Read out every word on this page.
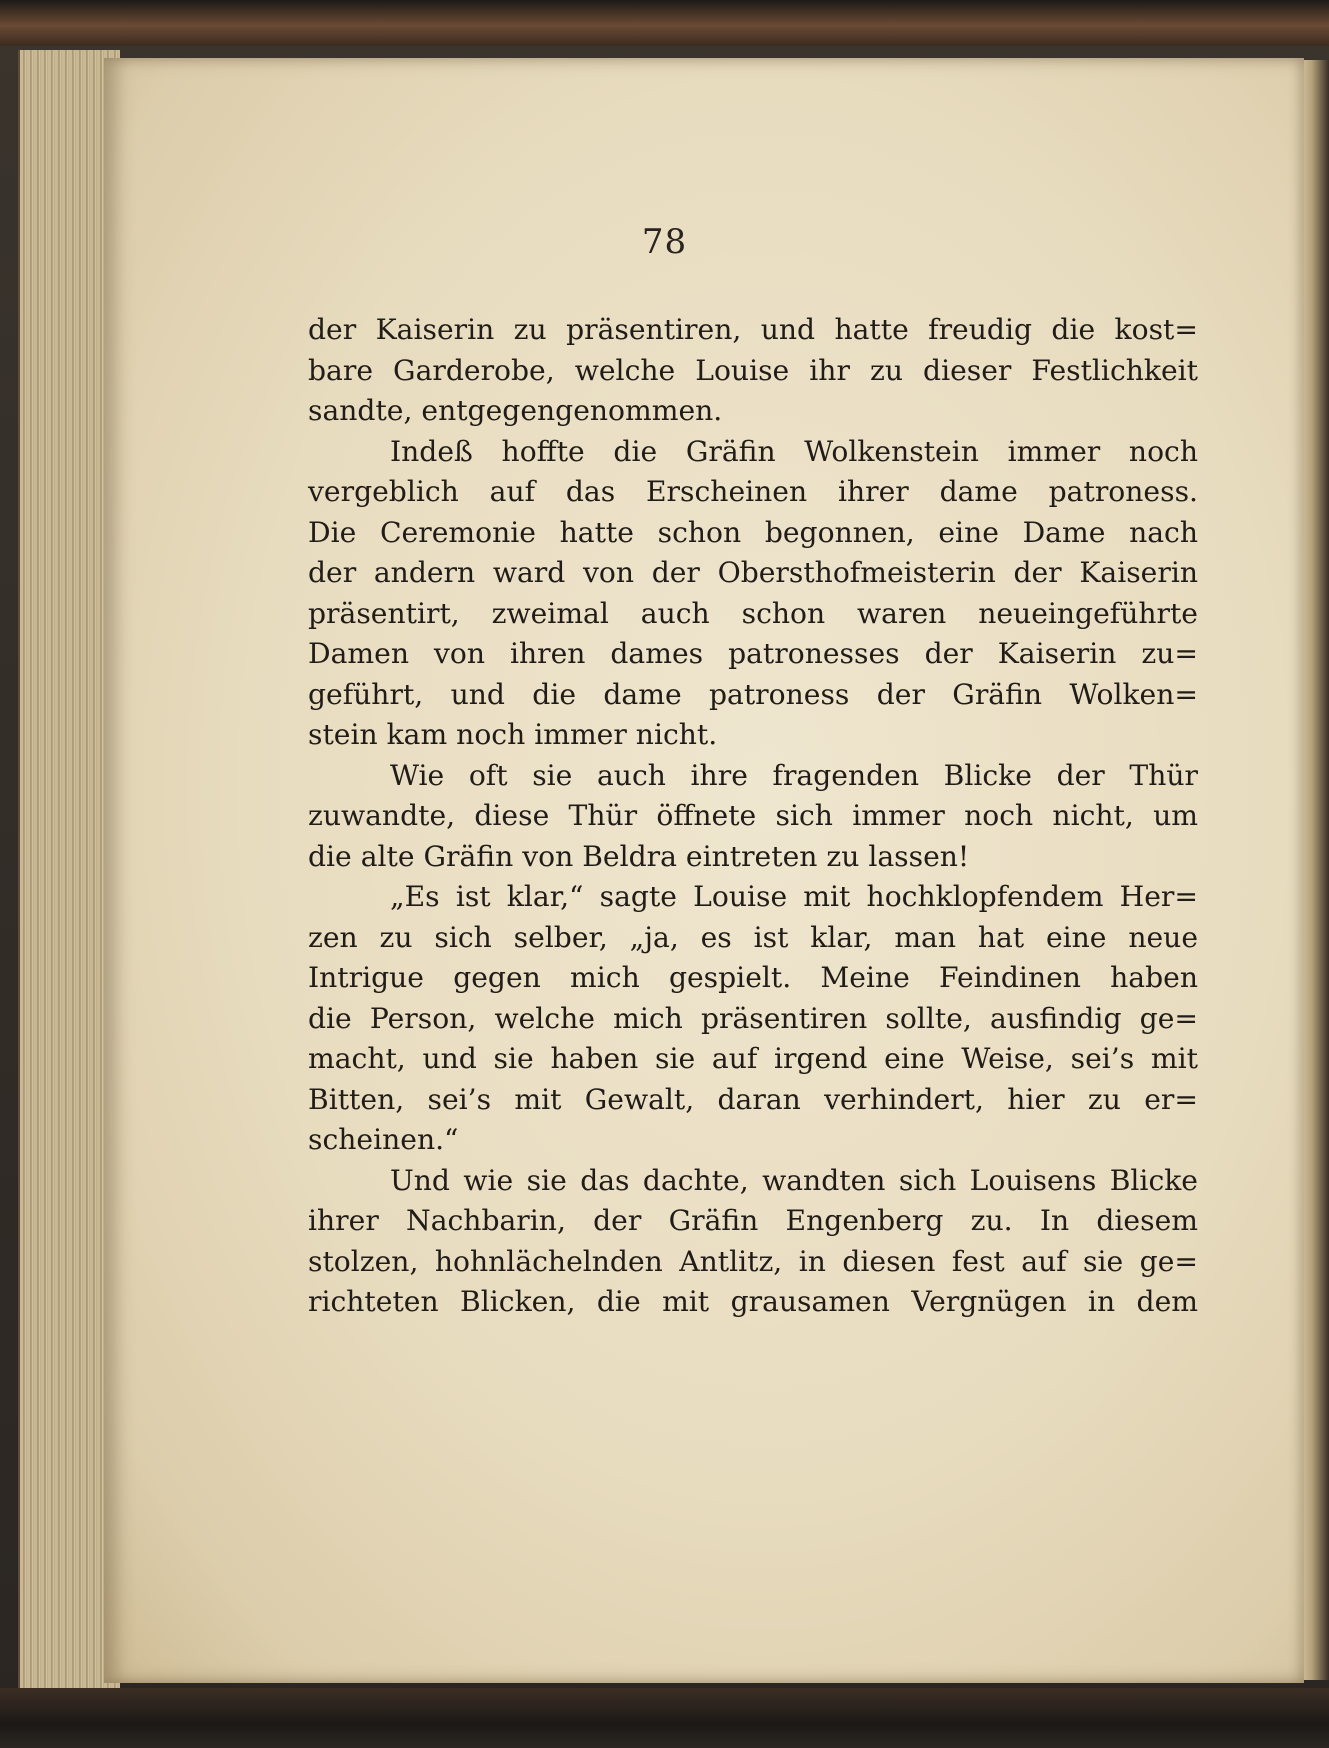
78
der Kaiserin zu präsentiren, und hatte freudig die kost=
bare Garderobe, welche Louise ihr zu dieser Festlichkeit
sandte, entgegengenommen.
Indeß hoffte die Gräfin Wolkenstein immer noch
vergeblich auf das Erscheinen ihrer dame patroness.
Die Ceremonie hatte schon begonnen, eine Dame nach
der andern ward von der Obersthofmeisterin der Kaiserin
präsentirt, zweimal auch schon waren neueingeführte
Damen von ihren dames patronesses der Kaiserin zu=
geführt, und die dame patroness der Gräfin Wolken=
stein kam noch immer nicht.
Wie oft sie auch ihre fragenden Blicke der Thür
zuwandte, diese Thür öffnete sich immer noch nicht, um
die alte Gräfin von Beldra eintreten zu lassen!
„Es ist klar,“ sagte Louise mit hochklopfendem Her=
zen zu sich selber, „ja, es ist klar, man hat eine neue
Intrigue gegen mich gespielt. Meine Feindinen haben
die Person, welche mich präsentiren sollte, ausfindig ge=
macht, und sie haben sie auf irgend eine Weise, sei’s mit
Bitten, sei’s mit Gewalt, daran verhindert, hier zu er=
scheinen.“
Und wie sie das dachte, wandten sich Louisens Blicke
ihrer Nachbarin, der Gräfin Engenberg zu. In diesem
stolzen, hohnlächelnden Antlitz, in diesen fest auf sie ge=
richteten Blicken, die mit grausamen Vergnügen in dem
